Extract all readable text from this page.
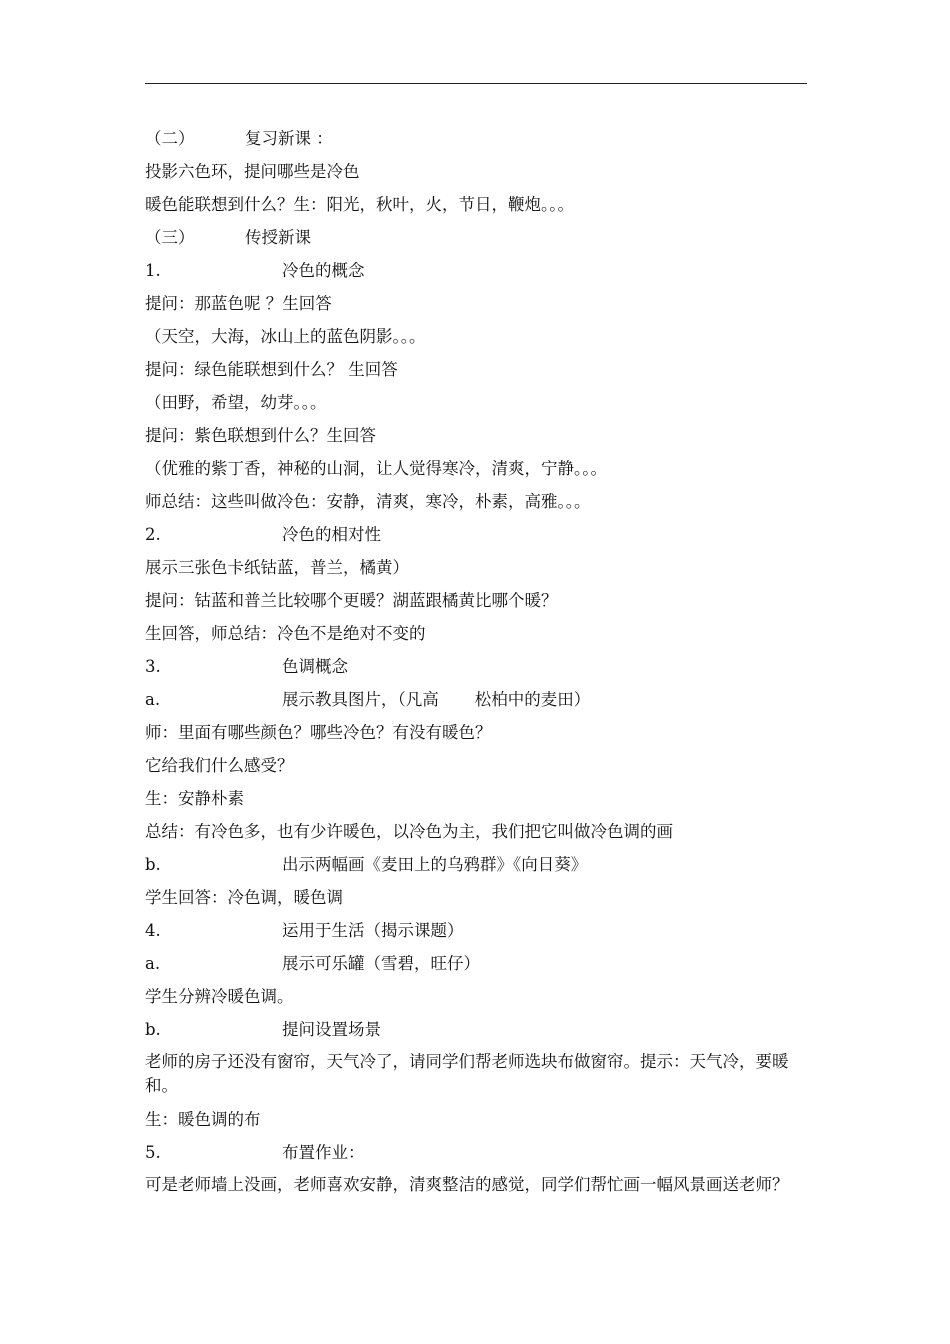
（二）	复习新课 ：
投影六色环，提问哪些是冷色
暖色能联想到什么？生：阳光，秋叶，火，节日，鞭炮。。。
（三）	传授新课
1.	冷色的概念
提问：那蓝色呢 ？生回答
（天空，大海，冰山上的蓝色阴影。。。
提问：绿色能联想到什么？ 生回答
（田野，希望，幼芽。。。
提问：紫色联想到什么？生回答
（优雅的紫丁香，神秘的山洞，让人觉得寒冷，清爽，宁静。。。
师总结：这些叫做冷色：安静，清爽，寒冷，朴素，高雅。。。
2.	冷色的相对性
展示三张色卡纸钴蓝，普兰，橘黄）
提问：钴蓝和普兰比较哪个更暖？湖蓝跟橘黄比哪个暖？
生回答，师总结：冷色不是绝对不变的
3.	色调概念
a.	展示教具图片，（凡高 松柏中的麦田）
师：里面有哪些颜色？哪些冷色？有没有暖色？
它给我们什么感受？
生：安静朴素
总结：有冷色多，也有少许暖色，以冷色为主，我们把它叫做冷色调的画
b.	出示两幅画《麦田上的乌鸦群》《向日葵》
学生回答：冷色调，暖色调
4.	运用于生活（揭示课题）
a.	展示可乐罐（雪碧，旺仔）
学生分辨冷暖色调。
b.	提问设置场景
老师的房子还没有窗帘，天气冷了，请同学们帮老师选块布做窗帘。提示：天气冷，要暖和。
生：暖色调的布
5.	布置作业：
可是老师墙上没画，老师喜欢安静，清爽整洁的感觉，同学们帮忙画一幅风景画送老师？
